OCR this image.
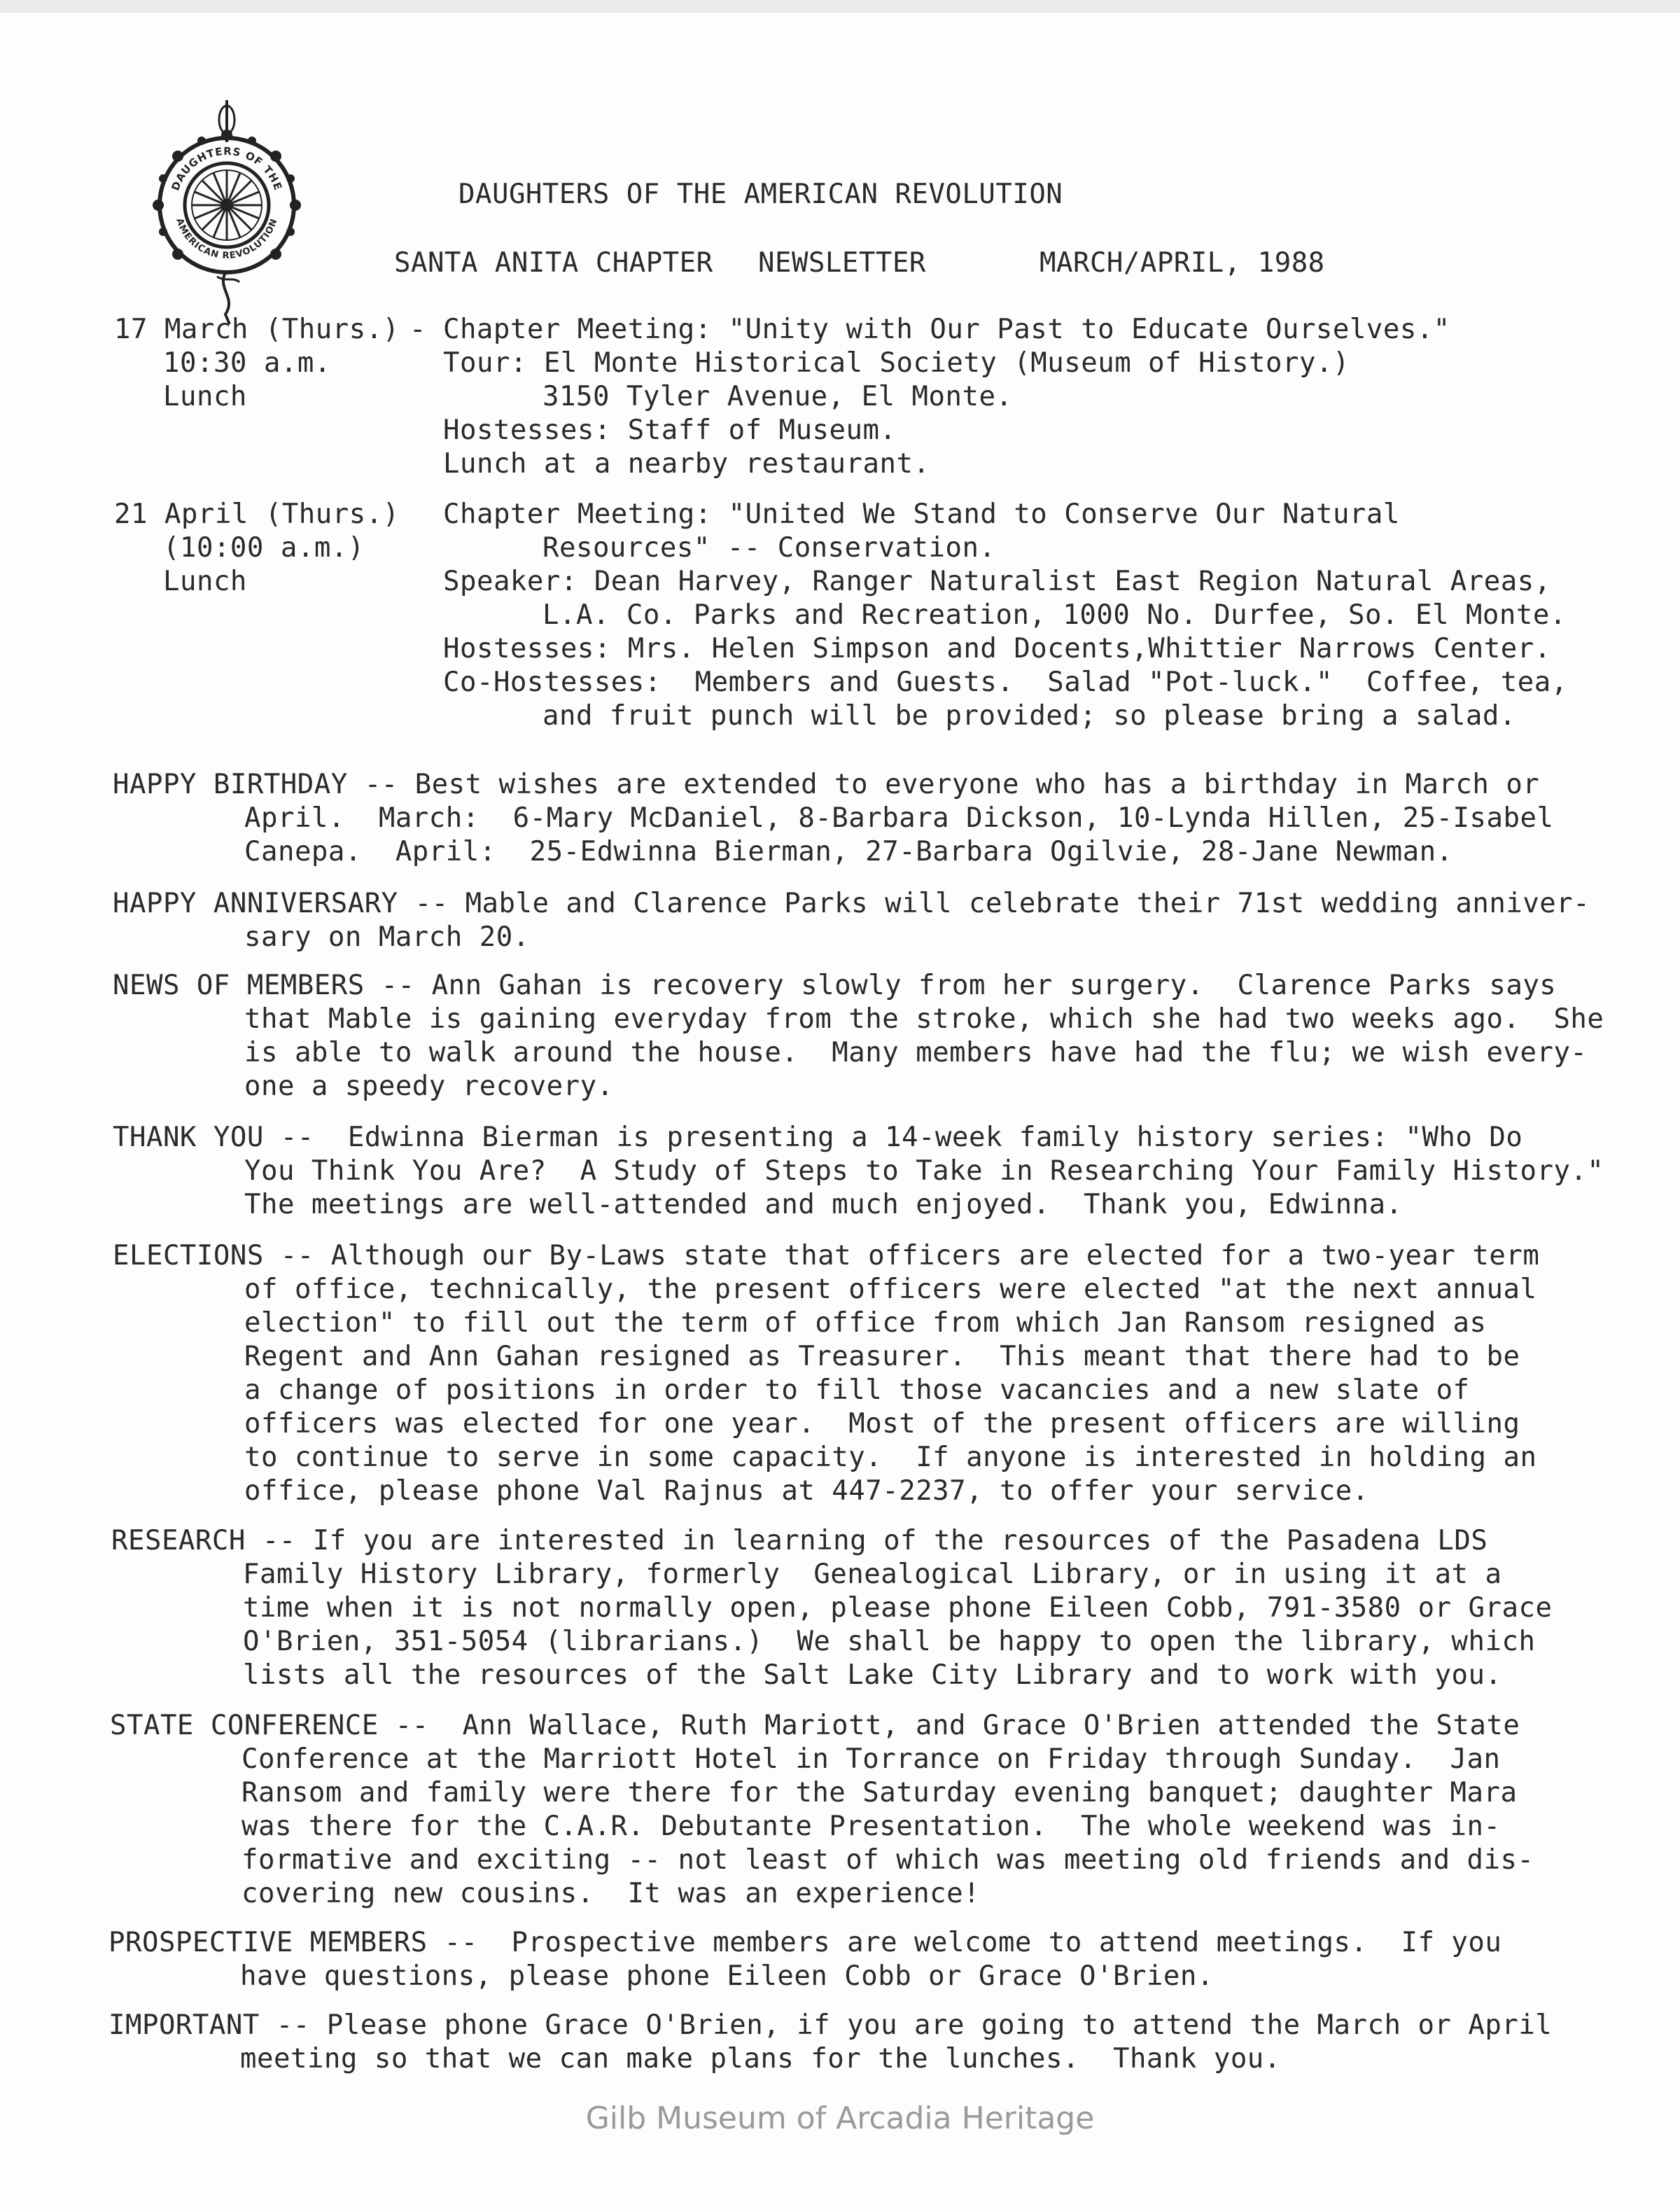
DAUGHTERS OF THE
AMERICAN REVOLUTION
DAUGHTERS OF THE AMERICAN REVOLUTION
SANTA ANITA CHAPTER NEWSLETTER	MARCH/APRIL, 1988
17 March (Thurs.)
10:30 a.m.
Lunch
- Chapter Meeting: "Unity with Our Past to Educate Ourselves."
Tour: El Monte Historical Society (Museum of History.)
3150 Tyler Avenue, El Monte.
Hostesses: Staff of Museum.
Lunch at a nearby restaurant.
21 April (Thurs.)
(10:00 a.m.)
Lunch
Chapter Meeting: "United We Stand to Conserve Our Natural
Resources" -- Conservation.
Speaker: Dean Harvey, Ranger Naturalist East Region Natural Areas,
L.A. Co. Parks and Recreation, 1000 No. Durfee, So. El Monte.
Hostesses: Mrs. Helen Simpson and Docents,Whittier Narrows Center.
Co-Hostesses:  Members and Guests.  Salad "Pot-luck."  Coffee, tea,
and fruit punch will be provided; so please bring a salad.
HAPPY BIRTHDAY -- Best wishes are extended to everyone who has a birthday in March or
April.  March:  6-Mary McDaniel, 8-Barbara Dickson, 10-Lynda Hillen, 25-Isabel
Canepa.  April:  25-Edwinna Bierman, 27-Barbara Ogilvie, 28-Jane Newman.
HAPPY ANNIVERSARY -- Mable and Clarence Parks will celebrate their 71st wedding anniver-
sary on March 20.
NEWS OF MEMBERS -- Ann Gahan is recovery slowly from her surgery.  Clarence Parks says
that Mable is gaining everyday from the stroke, which she had two weeks ago.  She
is able to walk around the house.  Many members have had the flu; we wish every-
one a speedy recovery.
THANK YOU --  Edwinna Bierman is presenting a 14-week family history series: "Who Do
You Think You Are?  A Study of Steps to Take in Researching Your Family History."
The meetings are well-attended and much enjoyed.  Thank you, Edwinna.
ELECTIONS -- Although our By-Laws state that officers are elected for a two-year term
of office, technically, the present officers were elected "at the next annual
election" to fill out the term of office from which Jan Ransom resigned as
Regent and Ann Gahan resigned as Treasurer.  This meant that there had to be
a change of positions in order to fill those vacancies and a new slate of
officers was elected for one year.  Most of the present officers are willing
to continue to serve in some capacity.  If anyone is interested in holding an
office, please phone Val Rajnus at 447-2237, to offer your service.
RESEARCH -- If you are interested in learning of the resources of the Pasadena LDS
Family History Library, formerly  Genealogical Library, or in using it at a
time when it is not normally open, please phone Eileen Cobb, 791-3580 or Grace
O'Brien, 351-5054 (librarians.)  We shall be happy to open the library, which
lists all the resources of the Salt Lake City Library and to work with you.
STATE CONFERENCE --  Ann Wallace, Ruth Mariott, and Grace O'Brien attended the State
Conference at the Marriott Hotel in Torrance on Friday through Sunday.  Jan
Ransom and family were there for the Saturday evening banquet; daughter Mara
was there for the C.A.R. Debutante Presentation.  The whole weekend was in-
formative and exciting -- not least of which was meeting old friends and dis-
covering new cousins.  It was an experience!
PROSPECTIVE MEMBERS --  Prospective members are welcome to attend meetings.  If you
have questions, please phone Eileen Cobb or Grace O'Brien.
IMPORTANT -- Please phone Grace O'Brien, if you are going to attend the March or April
meeting so that we can make plans for the lunches.  Thank you.
Gilb Museum of Arcadia Heritage
